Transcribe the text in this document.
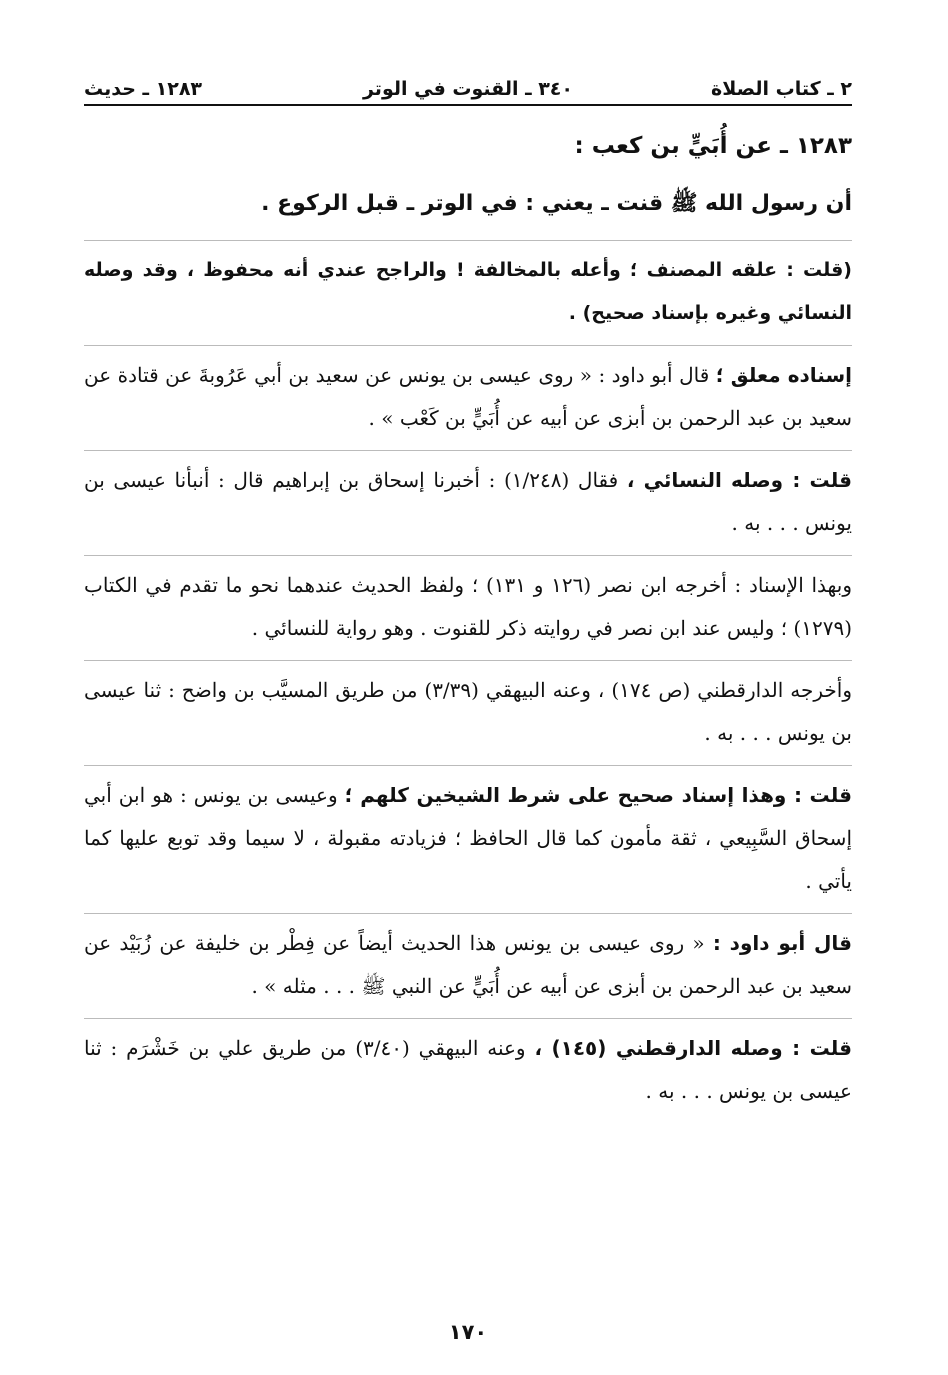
٢ ـ كتاب الصلاة
٣٤٠ ـ القنوت في الوتر
١٢٨٣ ـ حديث

١٢٨٣ ـ عن أُبَيٍّ بن كعب :

أن رسول الله ﷺ قنت ـ يعني : في الوتر ـ قبل الركوع .

(قلت : علقه المصنف ؛ وأعله بالمخالفة ! والراجح عندي أنه محفوظ ، وقد وصله النسائي وغيره بإسناد صحيح) .

إسناده معلق ؛ قال أبو داود : « روى عيسى بن يونس عن سعيد بن أبي عَرُوبةَ عن قتادة عن سعيد بن عبد الرحمن بن أبزى عن أبيه عن أُبَيٍّ بن كَعْب » .

قلت : وصله النسائي ، فقال (١/٢٤٨) : أخبرنا إسحاق بن إبراهيم قال : أنبأنا عيسى بن يونس . . . به .

وبهذا الإسناد : أخرجه ابن نصر (١٢٦ و ١٣١) ؛ ولفظ الحديث عندهما نحو ما تقدم في الكتاب (١٢٧٩) ؛ وليس عند ابن نصر في روايته ذكر للقنوت . وهو رواية للنسائي .

وأخرجه الدارقطني (ص ١٧٤) ، وعنه البيهقي (٣/٣٩) من طريق المسيَّب بن واضح : ثنا عيسى بن يونس . . . به .

قلت : وهذا إسناد صحيح على شرط الشيخين كلهم ؛ وعيسى بن يونس : هو ابن أبي إسحاق السَّبِيعي ، ثقة مأمون كما قال الحافظ ؛ فزيادته مقبولة ، لا سيما وقد توبع عليها كما يأتي .

قال أبو داود : « روى عيسى بن يونس هذا الحديث أيضاً عن فِطْر بن خليفة عن زُبَيْد عن سعيد بن عبد الرحمن بن أبزى عن أبيه عن أُبَيٍّ عن النبي ﷺ . . . مثله » .

قلت : وصله الدارقطني (١٤٥) ، وعنه البيهقي (٣/٤٠) من طريق علي بن خَشْرَم : ثنا عيسى بن يونس . . . به .

١٧٠
